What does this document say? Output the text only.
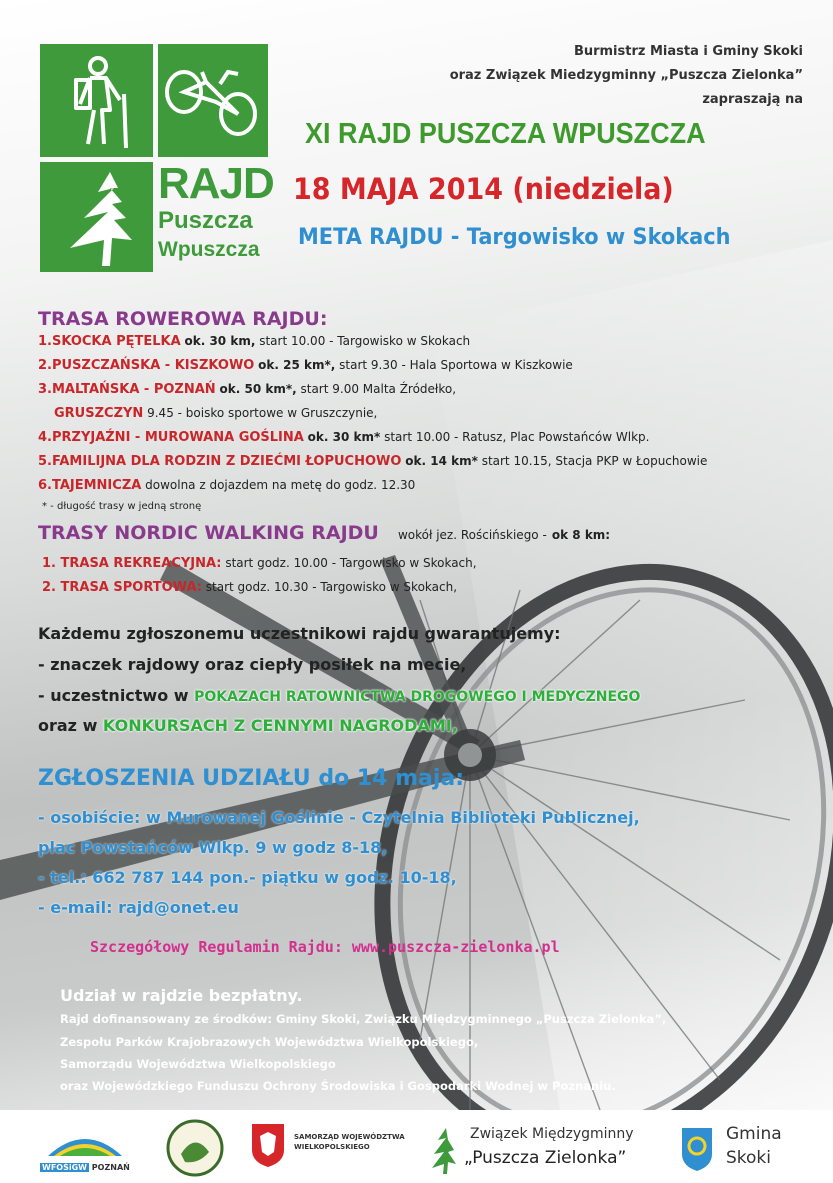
RAJD
Puszcza
Wpuszcza
Burmistrz Miasta i Gminy Skoki
oraz Związek Miedzygminny „Puszcza Zielonka”
zapraszają na
XI RAJD PUSZCZA WPUSZCZA
18 MAJA 2014 (niedziela)
META RAJDU - Targowisko w Skokach
TRASA ROWEROWA RAJDU:
1.SKOCKA PĘTELKA ok. 30 km, start 10.00 - Targowisko w Skokach
2.PUSZCZAŃSKA - KISZKOWO ok. 25 km*, start 9.30 - Hala Sportowa w Kiszkowie
3.MALTAŃSKA - POZNAŃ ok. 50 km*, start 9.00 Malta Źródełko,
GRUSZCZYN 9.45 - boisko sportowe w Gruszczynie,
4.PRZYJAŹNI - MUROWANA GOŚLINA ok. 30 km* start 10.00 - Ratusz, Plac Powstańców Wlkp.
5.FAMILIJNA DLA RODZIN Z DZIEĆMI ŁOPUCHOWO ok. 14 km* start 10.15, Stacja PKP w Łopuchowie
6.TAJEMNICZA dowolna z dojazdem na metę do godz. 12.30
* - długość trasy w jedną stronę
TRASY NORDIC WALKING RAJDU wokół jez. Rościńskiego - ok 8 km:
1. TRASA REKREACYJNA: start godz. 10.00 - Targowisko w Skokach,
2. TRASA SPORTOWA: start godz. 10.30 - Targowisko w Skokach,
Każdemu zgłoszonemu uczestnikowi rajdu gwarantujemy:
- znaczek rajdowy oraz ciepły posiłek na mecie,
- uczestnictwo w POKAZACH RATOWNICTWA DROGOWEGO I MEDYCZNEGO
oraz w KONKURSACH Z CENNYMI NAGRODAMI,
ZGŁOSZENIA UDZIAŁU do 14 maja:
- osobiście: w Murowanej Goślinie - Czytelnia Biblioteki Publicznej,
plac Powstańców Wlkp. 9 w godz 8-18,
- tel.: 662 787 144 pon.- piątku w godz. 10-18,
- e-mail: rajd@onet.eu
Szczegółowy Regulamin Rajdu: www.puszcza-zielonka.pl
Udział w rajdzie bezpłatny.
Rajd dofinansowany ze środków: Gminy Skoki, Związku Międzygminnego „Puszcza Zielonka”,
Zespołu Parków Krajobrazowych Województwa Wielkopolskiego,
Samorządu Województwa Wielkopolskiego
oraz Wojewódzkiego Funduszu Ochrony Środowiska i Gospodarki Wodnej w Poznaniu.
WFOŚiGW POZNAŃ
SAMORZĄD WOJEWÓDZTWA
WIELKOPOLSKIEGO
Związek Międzygminny
„Puszcza Zielonka”
Gmina
Skoki
